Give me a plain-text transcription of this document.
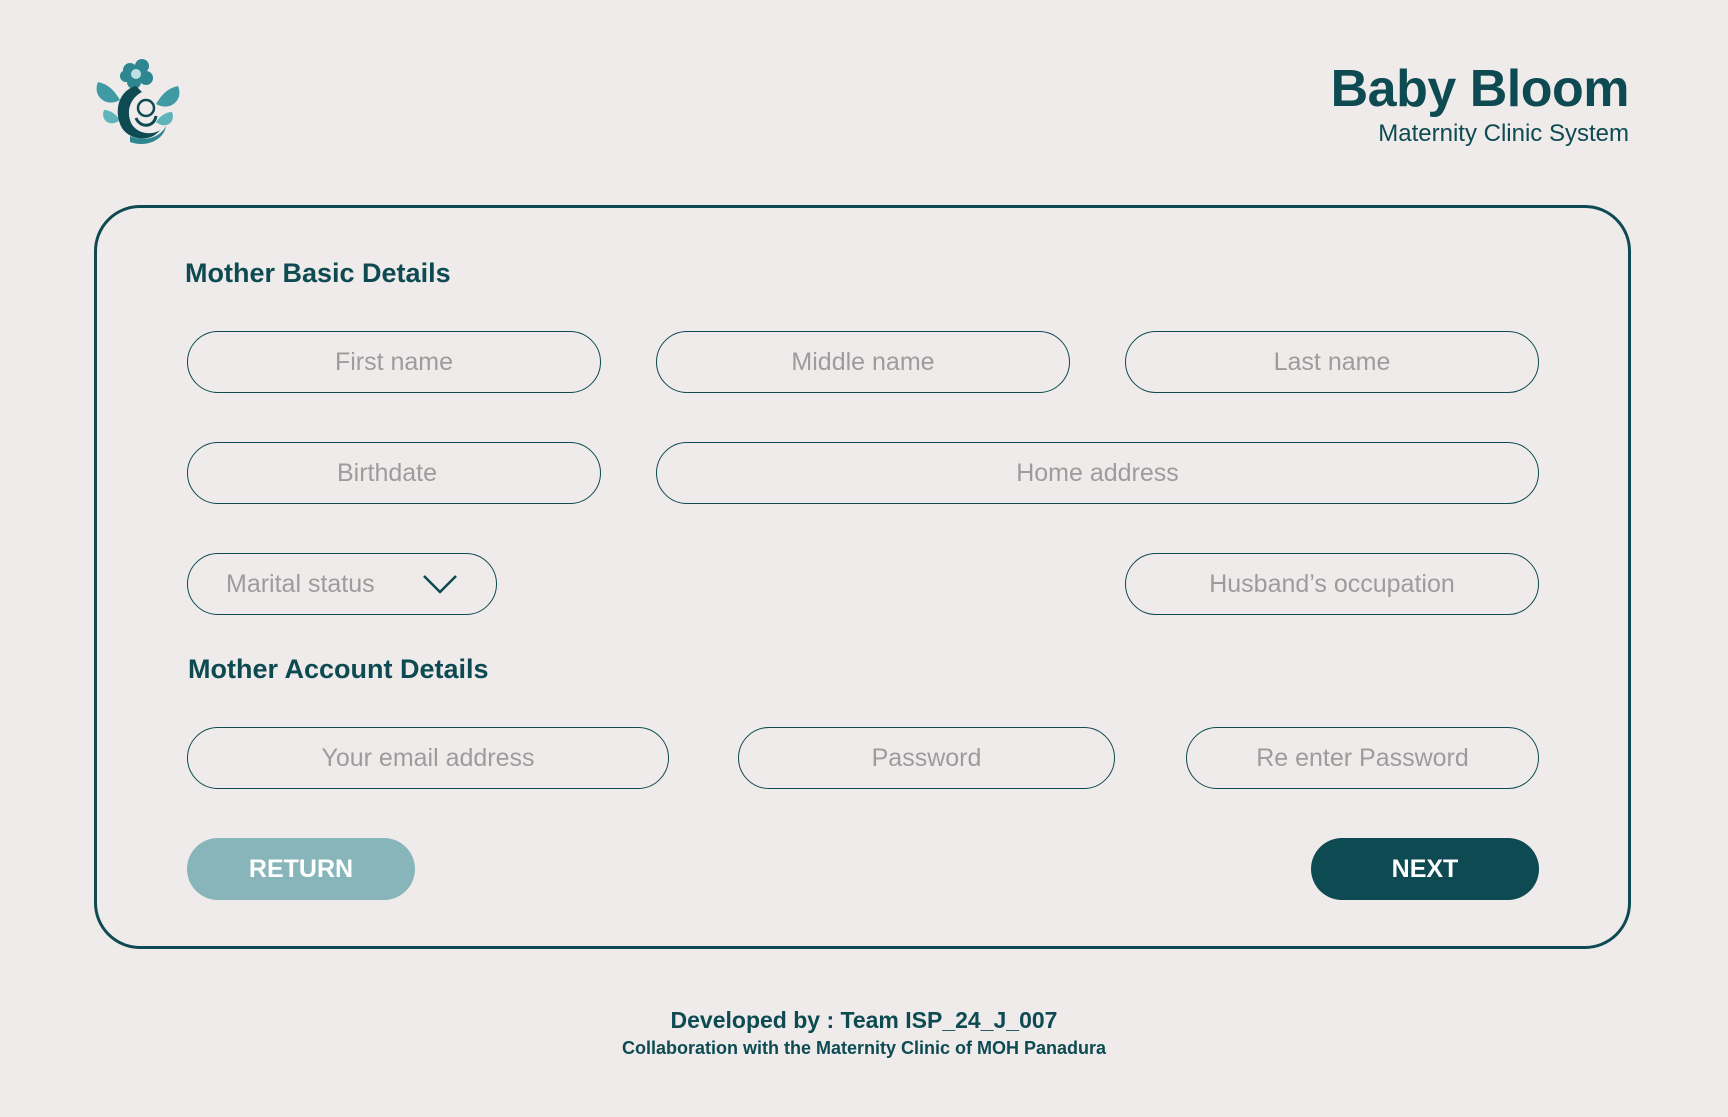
Baby Bloom
Maternity Clinic System
Mother Basic Details
First name	Middle name	Last name
Birthdate	Home address
Marital status	Husband’s occupation
Mother Account Details
Your email address	Password	Re enter Password
RETURN	NEXT
Developed by : Team ISP_24_J_007
Collaboration with the Maternity Clinic of MOH Panadura
